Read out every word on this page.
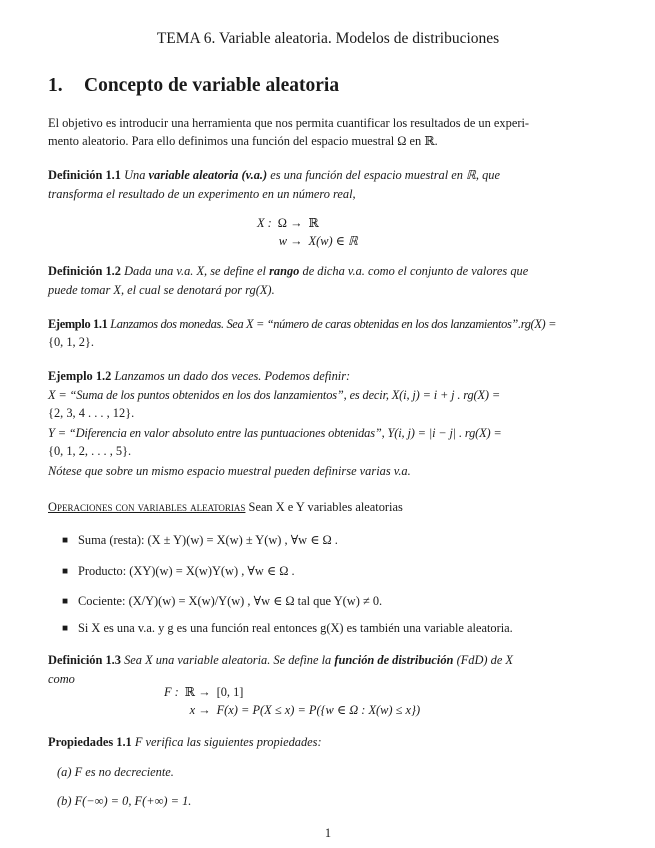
TEMA 6. Variable aleatoria. Modelos de distribuciones
1. Concepto de variable aleatoria
El objetivo es introducir una herramienta que nos permita cuantificar los resultados de un experi-
mento aleatorio. Para ello definimos una función del espacio muestral Ω en ℝ.
Definición 1.1 Una variable aleatoria (v.a.) es una función del espacio muestral en ℝ, que
transforma el resultado de un experimento en un número real,
X :	Ω →	ℝ
	w →	X(w) ∈ ℝ
Definición 1.2 Dada una v.a. X, se define el rango de dicha v.a. como el conjunto de valores que
puede tomar X, el cual se denotará por rg(X).
Ejemplo 1.1 Lanzamos dos monedas. Sea X = “número de caras obtenidas en los dos lanzamientos”.rg(X) =
{0, 1, 2}.
Ejemplo 1.2 Lanzamos un dado dos veces. Podemos definir:
X = “Suma de los puntos obtenidos en los dos lanzamientos”, es decir, X(i, j) = i + j . rg(X) =
{2, 3, 4 . . . , 12}.
Y = “Diferencia en valor absoluto entre las puntuaciones obtenidas”, Y(i, j) = |i − j| . rg(X) =
{0, 1, 2, . . . , 5}.
Nótese que sobre un mismo espacio muestral pueden definirse varias v.a.
Operaciones con variables aleatorias Sean X e Y variables aleatorias
■ Suma (resta): (X ± Y)(w) = X(w) ± Y(w) , ∀w ∈ Ω .
■ Producto: (XY)(w) = X(w)Y(w) , ∀w ∈ Ω .
■ Cociente: (X/Y)(w) = X(w)/Y(w) , ∀w ∈ Ω tal que Y(w) ≠ 0.
■ Si X es una v.a. y g es una función real entonces g(X) es también una variable aleatoria.
Definición 1.3 Sea X una variable aleatoria. Se define la función de distribución (FdD) de X
como
F :	ℝ →	[0, 1]
	x →	F(x) = P(X ≤ x) = P({w ∈ Ω : X(w) ≤ x})
Propiedades 1.1 F verifica las siguientes propiedades:
(a) F es no decreciente.
(b) F(−∞) = 0, F(+∞) = 1.
1
